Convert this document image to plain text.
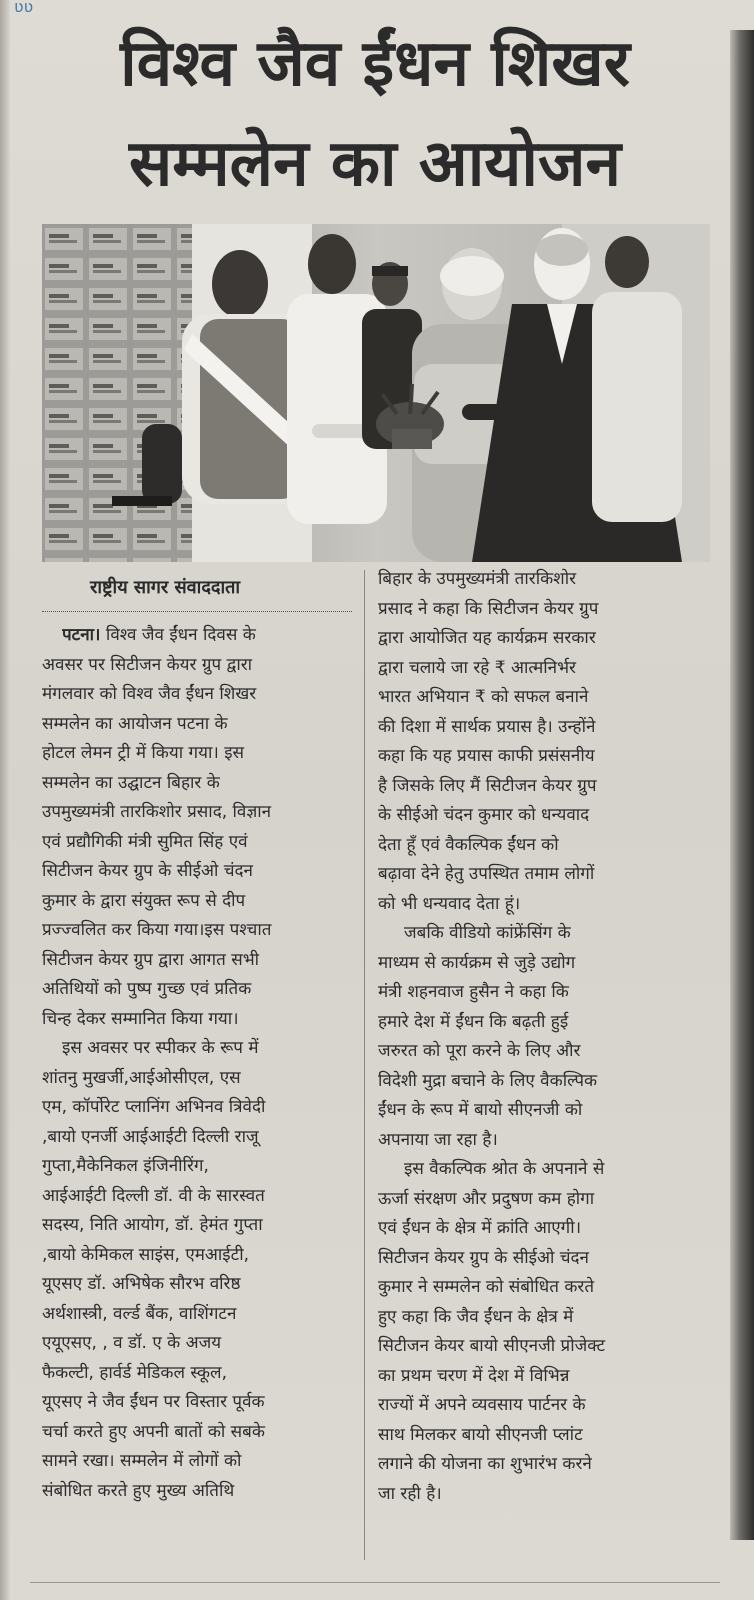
ʋʋ
विश्व जैव ईंधन शिखर
सम्मलेन का आयोजन
राष्ट्रीय सागर संवाददाता
पटना। विश्व जैव ईंधन दिवस के
अवसर पर सिटीजन केयर ग्रुप द्वारा
मंगलवार को विश्व जैव ईंधन शिखर
सम्मलेन का आयोजन पटना के
होटल लेमन ट्री में किया गया। इस
सम्मलेन का उद्घाटन बिहार के
उपमुख्यमंत्री तारकिशोर प्रसाद, विज्ञान
एवं प्रद्यौगिकी मंत्री सुमित सिंह एवं
सिटीजन केयर ग्रुप के सीईओ चंदन
कुमार के द्वारा संयुक्त रूप से दीप
प्रज्ज्वलित कर किया गया।इस पश्चात
सिटीजन केयर ग्रुप द्वारा आगत सभी
अतिथियों को पुष्प गुच्छ एवं प्रतिक
चिन्ह देकर सम्मानित किया गया।
इस अवसर पर स्पीकर के रूप में
शांतनु मुखर्जी,आईओसीएल, एस
एम, कॉर्पोरेट प्लानिंग अभिनव त्रिवेदी
,बायो एनर्जी आईआईटी दिल्ली राजू
गुप्ता,मैकेनिकल इंजिनीरिंग,
आईआईटी दिल्ली डॉ. वी के सारस्वत
सदस्य, निति आयोग, डॉ. हेमंत गुप्ता
,बायो केमिकल साइंस, एमआईटी,
यूएसए डॉ. अभिषेक सौरभ वरिष्ठ
अर्थशास्त्री, वर्ल्ड बैंक, वाशिंगटन
एयूएसए, , व डॉ. ए के अजय
फैकल्टी, हार्वर्ड मेडिकल स्कूल,
यूएसए ने जैव ईंधन पर विस्तार पूर्वक
चर्चा करते हुए अपनी बातों को सबके
सामने रखा। सम्मलेन में लोगों को
संबोधित करते हुए मुख्य अतिथि
बिहार के उपमुख्यमंत्री तारकिशोर
प्रसाद ने कहा कि सिटीजन केयर ग्रुप
द्वारा आयोजित यह कार्यक्रम सरकार
द्वारा चलाये जा रहे ₹ आत्मनिर्भर
भारत अभियान ₹ को सफल बनाने
की दिशा में सार्थक प्रयास है। उन्होंने
कहा कि यह प्रयास काफी प्रसंसनीय
है जिसके लिए मैं सिटीजन केयर ग्रुप
के सीईओ चंदन कुमार को धन्यवाद
देता हूँ एवं वैकल्पिक ईंधन को
बढ़ावा देने हेतु उपस्थित तमाम लोगों
को भी धन्यवाद देता हूं।
जबकि वीडियो कांफ्रेंसिंग के
माध्यम से कार्यक्रम से जुड़े उद्योग
मंत्री शहनवाज हुसैन ने कहा कि
हमारे देश में ईंधन कि बढ़ती हुई
जरुरत को पूरा करने के लिए और
विदेशी मुद्रा बचाने के लिए वैकल्पिक
ईंधन के रूप में बायो सीएनजी को
अपनाया जा रहा है।
इस वैकल्पिक श्रोत के अपनाने से
ऊर्जा संरक्षण और प्रदुषण कम होगा
एवं ईंधन के क्षेत्र में क्रांति आएगी।
सिटीजन केयर ग्रुप के सीईओ चंदन
कुमार ने सम्मलेन को संबोधित करते
हुए कहा कि जैव ईंधन के क्षेत्र में
सिटीजन केयर बायो सीएनजी प्रोजेक्ट
का प्रथम चरण में देश में विभिन्न
राज्यों में अपने व्यवसाय पार्टनर के
साथ मिलकर बायो सीएनजी प्लांट
लगाने की योजना का शुभारंभ करने
जा रही है।
